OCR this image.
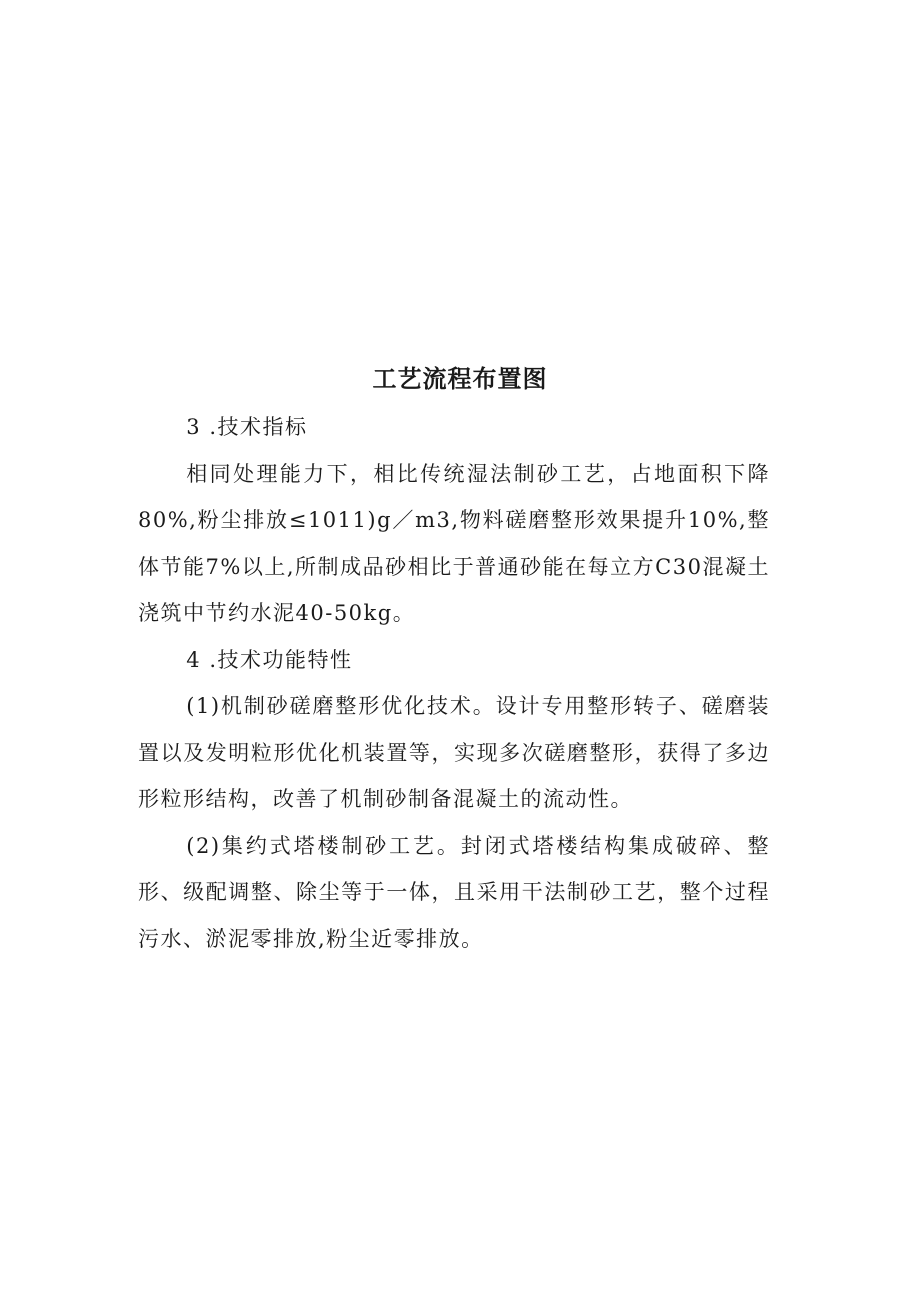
工艺流程布置图

3 .技术指标

相同处理能力下，相比传统湿法制砂工艺，占地面积下降80%,粉尘排放≤1011)g／m3,物料磋磨整形效果提升10%,整体节能7%以上,所制成品砂相比于普通砂能在每立方C30混凝土浇筑中节约水泥40-50kg。

4 .技术功能特性

(1)机制砂磋磨整形优化技术。设计专用整形转子、磋磨装置以及发明粒形优化机装置等，实现多次磋磨整形，获得了多边形粒形结构，改善了机制砂制备混凝土的流动性。

(2)集约式塔楼制砂工艺。封闭式塔楼结构集成破碎、整形、级配调整、除尘等于一体，且采用干法制砂工艺，整个过程污水、淤泥零排放,粉尘近零排放。
